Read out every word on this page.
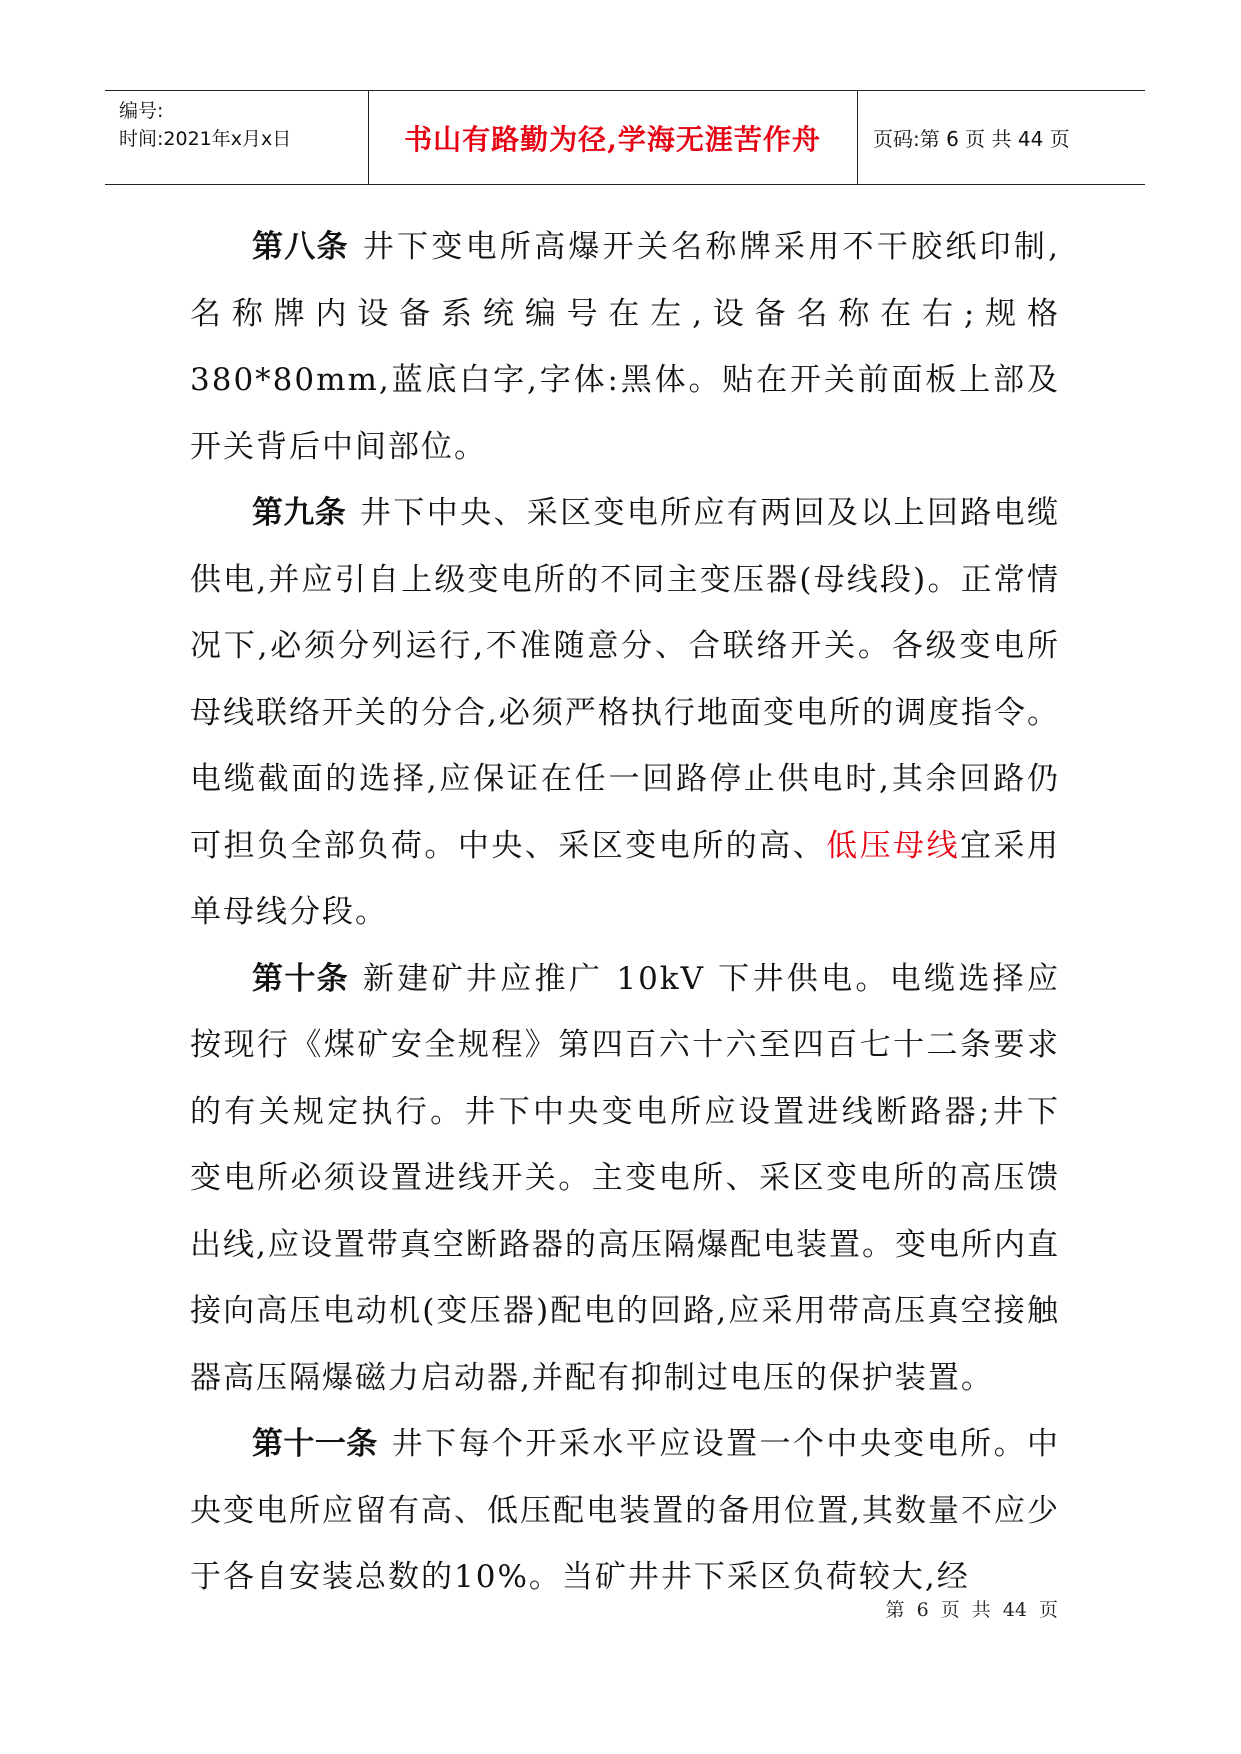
编号:
时间:2021年x月x日	书山有路勤为径,学海无涯苦作舟	页码:第 6 页 共 44 页

第八条 井下变电所高爆开关名称牌采用不干胶纸印制,名称牌内设备系统编号在左,设备名称在右;规格 380*80mm,蓝底白字,字体:黑体。贴在开关前面板上部及开关背后中间部位。

第九条 井下中央、采区变电所应有两回及以上回路电缆供电,并应引自上级变电所的不同主变压器(母线段)。正常情况下,必须分列运行,不准随意分、合联络开关。各级变电所母线联络开关的分合,必须严格执行地面变电所的调度指令。电缆截面的选择,应保证在任一回路停止供电时,其余回路仍可担负全部负荷。中央、采区变电所的高、低压母线宜采用单母线分段。

第十条 新建矿井应推广 10kV 下井供电。电缆选择应按现行《煤矿安全规程》第四百六十六至四百七十二条要求的有关规定执行。井下中央变电所应设置进线断路器;井下变电所必须设置进线开关。主变电所、采区变电所的高压馈出线,应设置带真空断路器的高压隔爆配电装置。变电所内直接向高压电动机(变压器)配电的回路,应采用带高压真空接触器高压隔爆磁力启动器,并配有抑制过电压的保护装置。

第十一条 井下每个开采水平应设置一个中央变电所。中央变电所应留有高、低压配电装置的备用位置,其数量不应少于各自安装总数的10%。当矿井井下采区负荷较大,经

第 6 页 共 44 页
